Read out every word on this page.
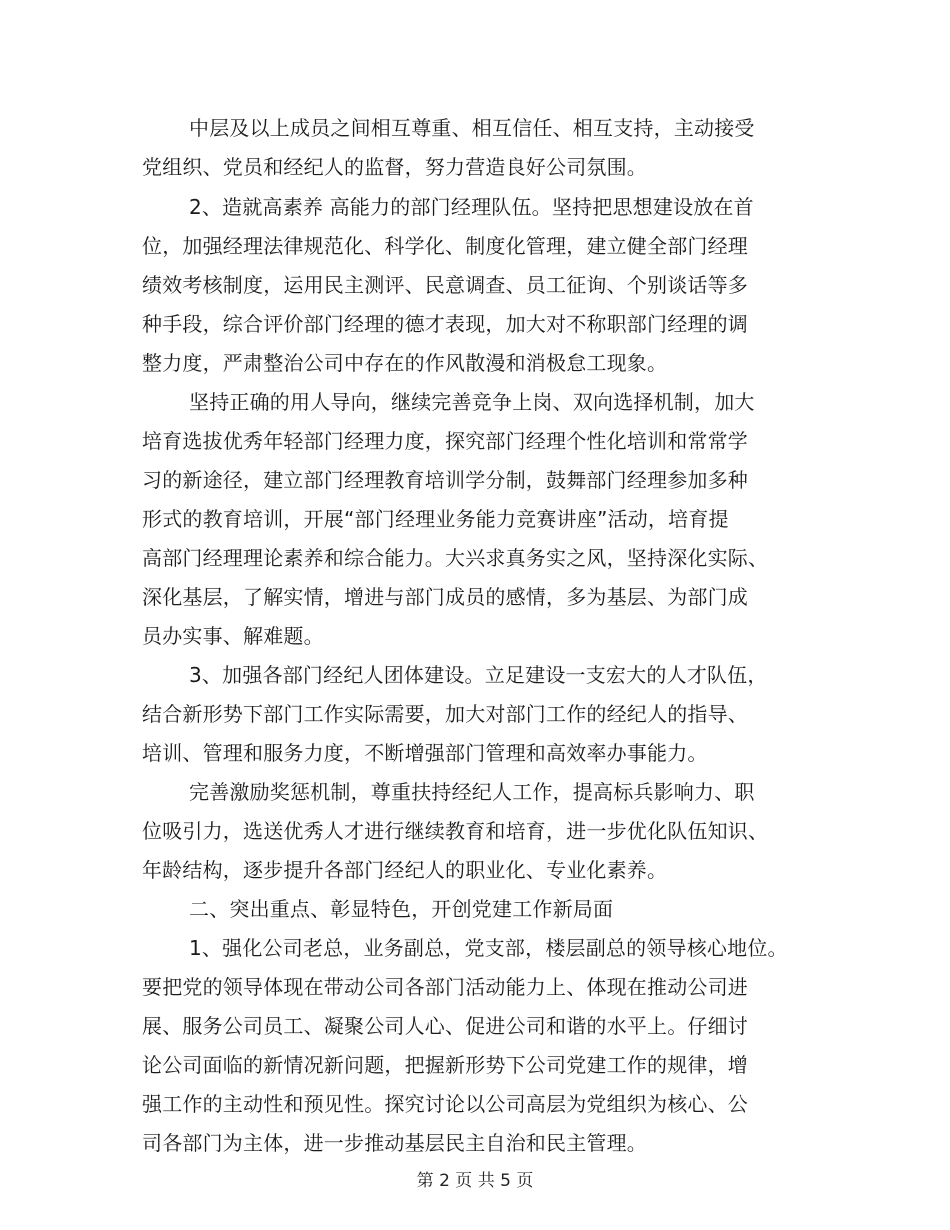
中层及以上成员之间相互尊重、相互信任、相互支持，主动接受
党组织、党员和经纪人的监督，努力营造良好公司氛围。
2、造就高素养 高能力的部门经理队伍。坚持把思想建设放在首
位，加强经理法律规范化、科学化、制度化管理，建立健全部门经理
绩效考核制度，运用民主测评、民意调查、员工征询、个别谈话等多
种手段，综合评价部门经理的德才表现，加大对不称职部门经理的调
整力度，严肃整治公司中存在的作风散漫和消极怠工现象。
坚持正确的用人导向，继续完善竞争上岗、双向选择机制，加大
培育选拔优秀年轻部门经理力度，探究部门经理个性化培训和常常学
习的新途径，建立部门经理教育培训学分制，鼓舞部门经理参加多种
形式的教育培训，开展“部门经理业务能力竞赛讲座”活动，培育提
高部门经理理论素养和综合能力。大兴求真务实之风，坚持深化实际、
深化基层，了解实情，增进与部门成员的感情，多为基层、为部门成
员办实事、解难题。
3、加强各部门经纪人团体建设。立足建设一支宏大的人才队伍，
结合新形势下部门工作实际需要，加大对部门工作的经纪人的指导、
培训、管理和服务力度，不断增强部门管理和高效率办事能力。
完善激励奖惩机制，尊重扶持经纪人工作，提高标兵影响力、职
位吸引力，选送优秀人才进行继续教育和培育，进一步优化队伍知识、
年龄结构，逐步提升各部门经纪人的职业化、专业化素养。
二、突出重点、彰显特色，开创党建工作新局面
1、强化公司老总，业务副总，党支部，楼层副总的领导核心地位。
要把党的领导体现在带动公司各部门活动能力上、体现在推动公司进
展、服务公司员工、凝聚公司人心、促进公司和谐的水平上。仔细讨
论公司面临的新情况新问题，把握新形势下公司党建工作的规律，增
强工作的主动性和预见性。探究讨论以公司高层为党组织为核心、公
司各部门为主体，进一步推动基层民主自治和民主管理。
第 2 页 共 5 页
